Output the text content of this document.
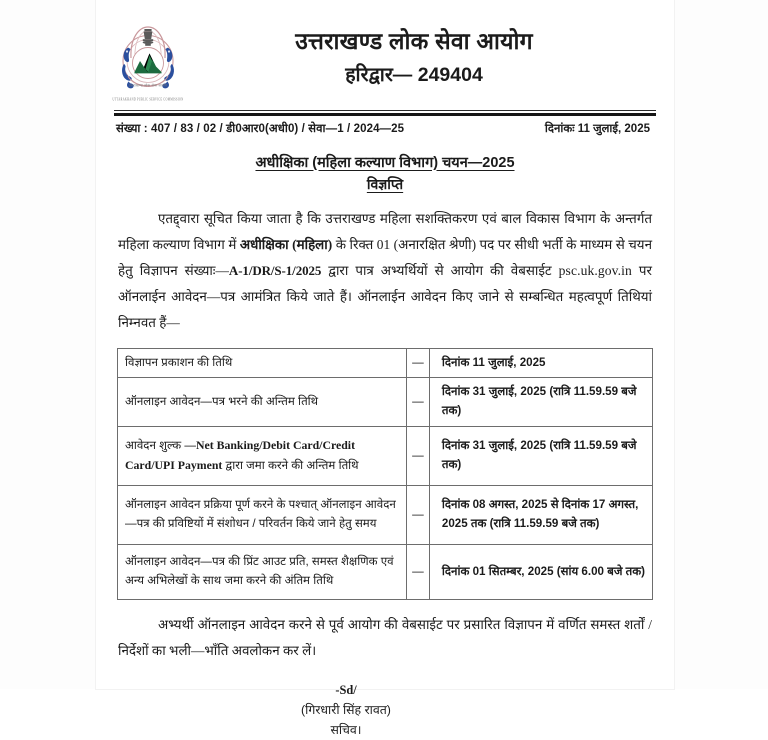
उत्तराखण्ड लोक सेवा आयोग
UTTARAKHAND PUBLIC SERVICE COMMISSION
उत्तराखण्ड लोक सेवा आयोग
हरिद्वार— 249404
संख्या : 407 / 83 / 02 / डी0आर0(अधी0) / सेवा—1 / 2024—25	दिनांकः 11 जुलाई, 2025
अधीक्षिका (महिला कल्याण विभाग) चयन—2025
विज्ञप्ति
एतद्द्वारा सूचित किया जाता है कि उत्तराखण्ड महिला सशक्तिकरण एवं बाल विकास विभाग के अन्तर्गत महिला कल्याण विभाग में अधीक्षिका (महिला) के रिक्त 01 (अनारक्षित श्रेणी) पद पर सीधी भर्ती के माध्यम से चयन हेतु विज्ञापन संख्याः—A-1/DR/S-1/2025 द्वारा पात्र अभ्यर्थियों से आयोग की वेबसाईट psc.uk.gov.in पर ऑनलाईन आवेदन—पत्र आमंत्रित किये जाते हैं। ऑनलाईन आवेदन किए जाने से सम्बन्धित महत्वपूर्ण तिथियां निम्नवत हैं—
विज्ञापन प्रकाशन की तिथि	—	दिनांक 11 जुलाई, 2025
ऑनलाइन आवेदन—पत्र भरने की अन्तिम तिथि	—	दिनांक 31 जुलाई, 2025 (रात्रि 11.59.59 बजे तक)
आवेदन शुल्क —Net Banking/Debit Card/Credit Card/UPI Payment द्वारा जमा करने की अन्तिम तिथि	—	दिनांक 31 जुलाई, 2025 (रात्रि 11.59.59 बजे तक)
ऑनलाइन आवेदन प्रक्रिया पूर्ण करने के पश्चात् ऑनलाइन आवेदन—पत्र की प्रविष्टियों में संशोधन / परिवर्तन किये जाने हेतु समय	—	दिनांक 08 अगस्त, 2025 से दिनांक 17 अगस्त,
2025 तक (रात्रि 11.59.59 बजे तक)

ऑनलाइन आवेदन—पत्र की प्रिंट आउट प्रति, समस्त शैक्षणिक एवं अन्य अभिलेखों के साथ जमा करने की अंतिम तिथि	—	दिनांक 01 सितम्बर, 2025 (सांय 6.00 बजे तक)
अभ्यर्थी ऑनलाइन आवेदन करने से पूर्व आयोग की वेबसाईट पर प्रसारित विज्ञापन में वर्णित समस्त शर्तों / निर्देशों का भली—भाँति अवलोकन कर लें।
-Sd/
(गिरधारी सिंह रावत)
सचिव।
